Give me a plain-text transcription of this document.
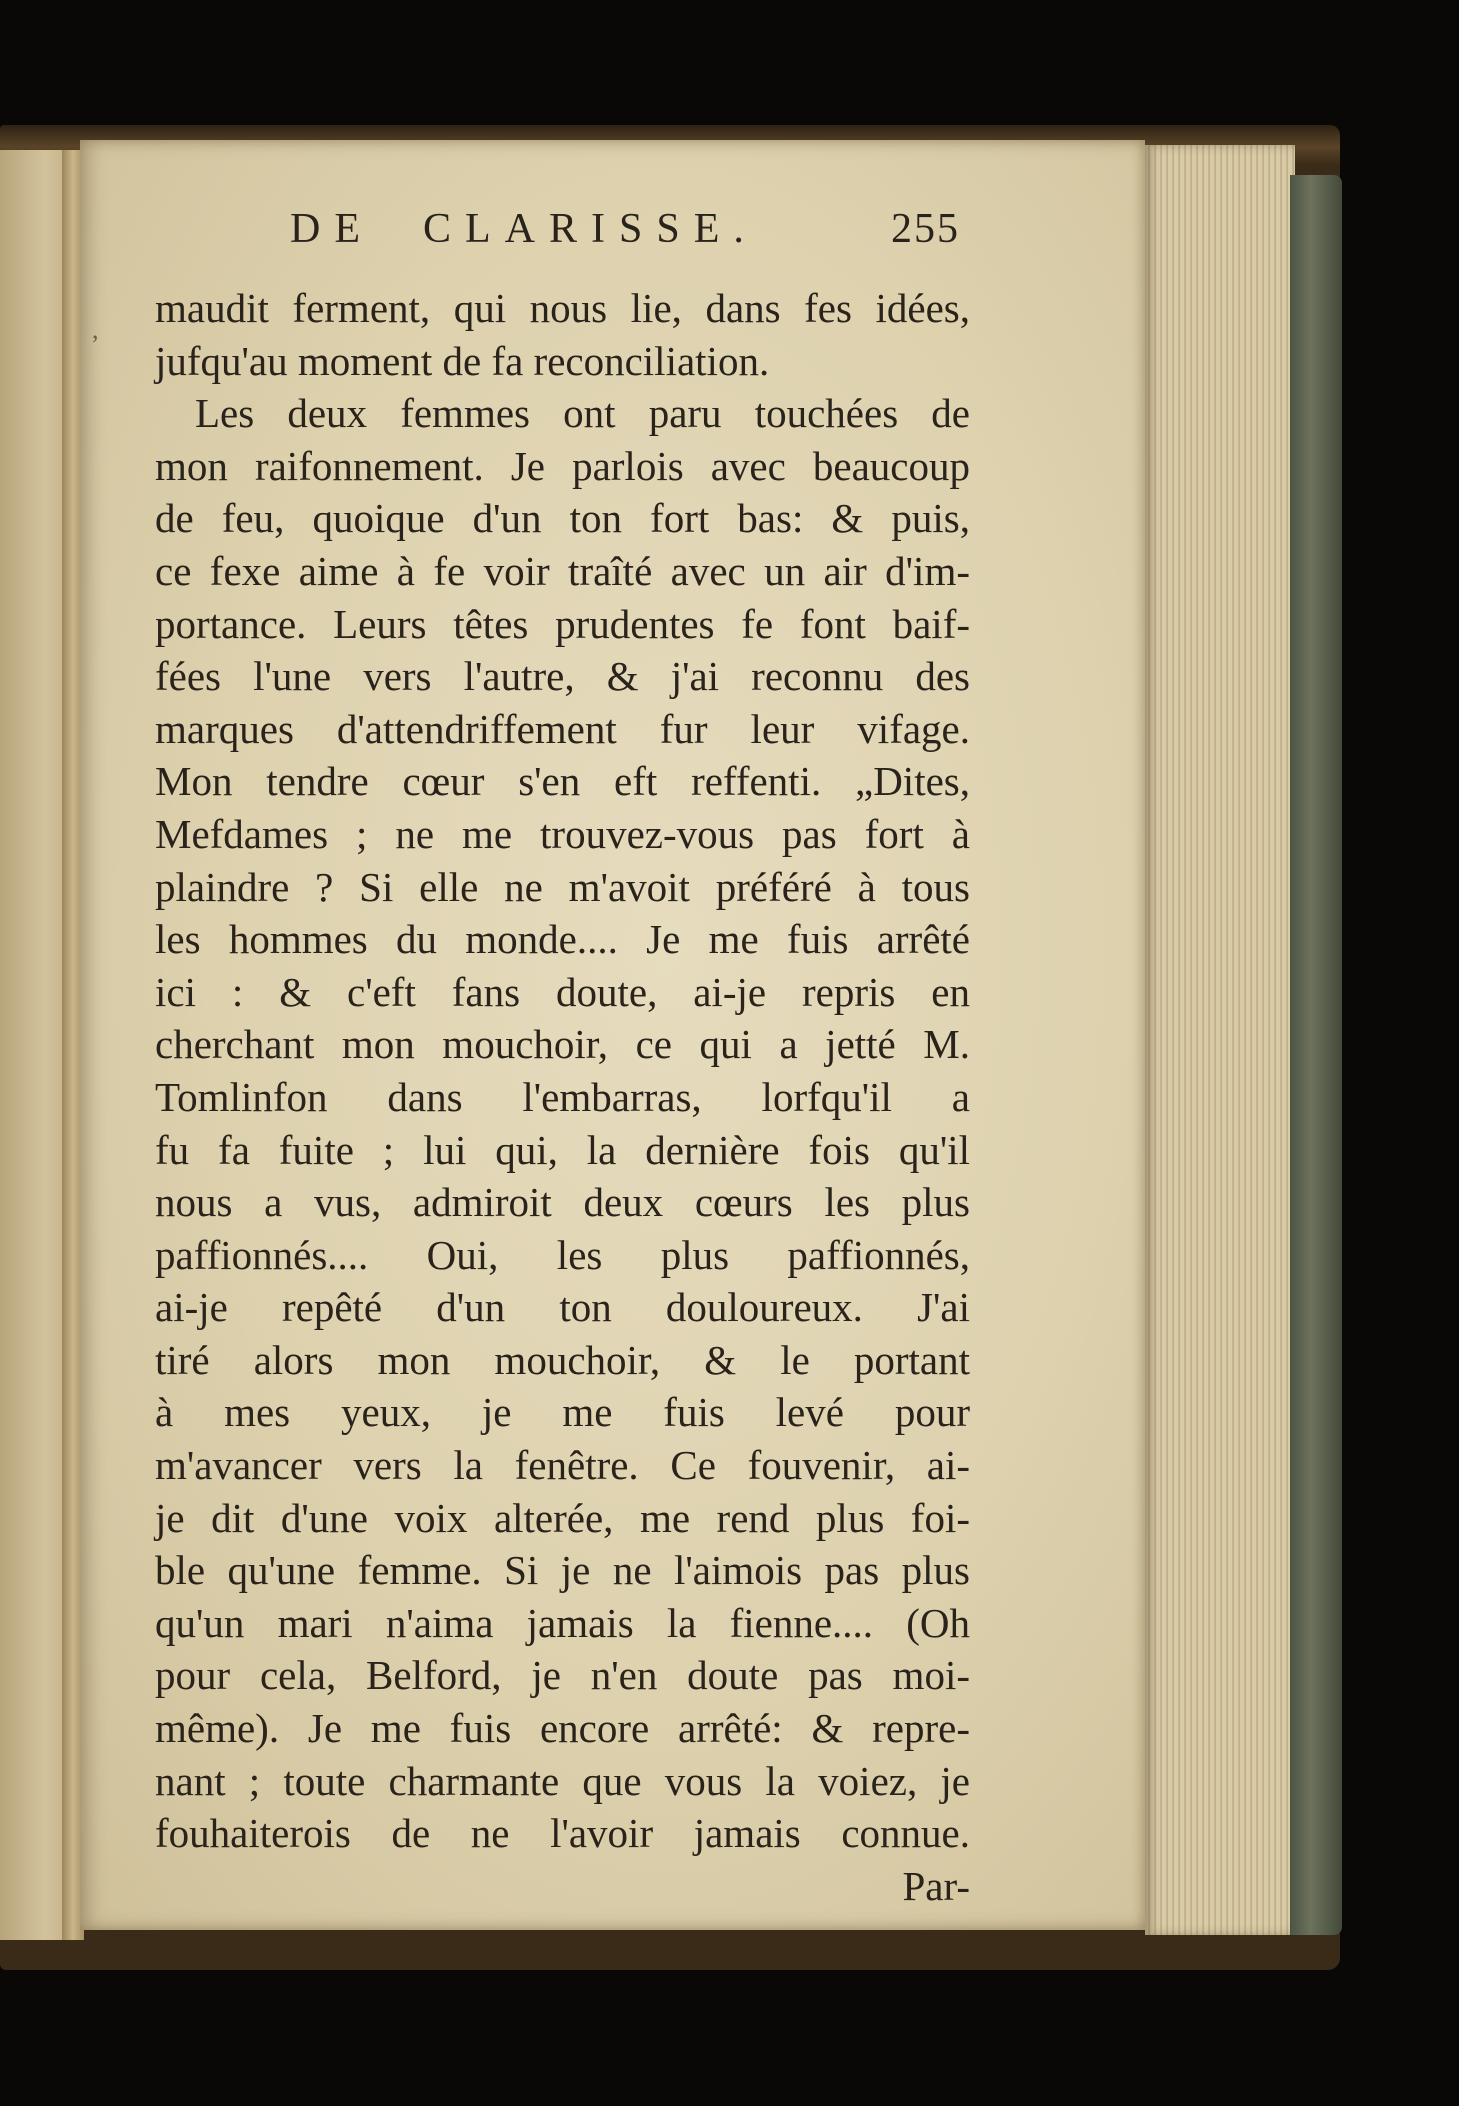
,
DE  CLARISSE.	255
maudit ferment, qui nous lie, dans fes idées,
jufqu'au moment de fa reconciliation.
Les deux femmes ont paru touchées de
mon raifonnement. Je parlois avec beaucoup
de feu, quoique d'un ton fort bas: & puis,
ce fexe aime à fe voir traîté avec un air d'im-
portance. Leurs têtes prudentes fe font baif-
fées l'une vers l'autre, & j'ai reconnu des
marques d'attendriffement fur leur vifage.
Mon tendre cœur s'en eft reffenti. „Dites,
Mefdames ; ne me trouvez-vous pas fort à
plaindre ? Si elle ne m'avoit préféré à tous
les hommes du monde.... Je me fuis arrêté
ici : & c'eft fans doute, ai-je repris en
cherchant mon mouchoir, ce qui a jetté M.
Tomlinfon dans l'embarras, lorfqu'il a
fu fa fuite ; lui qui, la dernière fois qu'il
nous a vus, admiroit deux cœurs les plus
paffionnés.... Oui, les plus paffionnés,
ai-je repêté d'un ton douloureux. J'ai
tiré alors mon mouchoir, & le portant
à mes yeux, je me fuis levé pour
m'avancer vers la fenêtre. Ce fouvenir, ai-
je dit d'une voix alterée, me rend plus foi-
ble qu'une femme. Si je ne l'aimois pas plus
qu'un mari n'aima jamais la fienne.... (Oh
pour cela, Belford, je n'en doute pas moi-
même). Je me fuis encore arrêté: & repre-
nant ; toute charmante que vous la voiez, je
fouhaiterois de ne l'avoir jamais connue.
Par-
